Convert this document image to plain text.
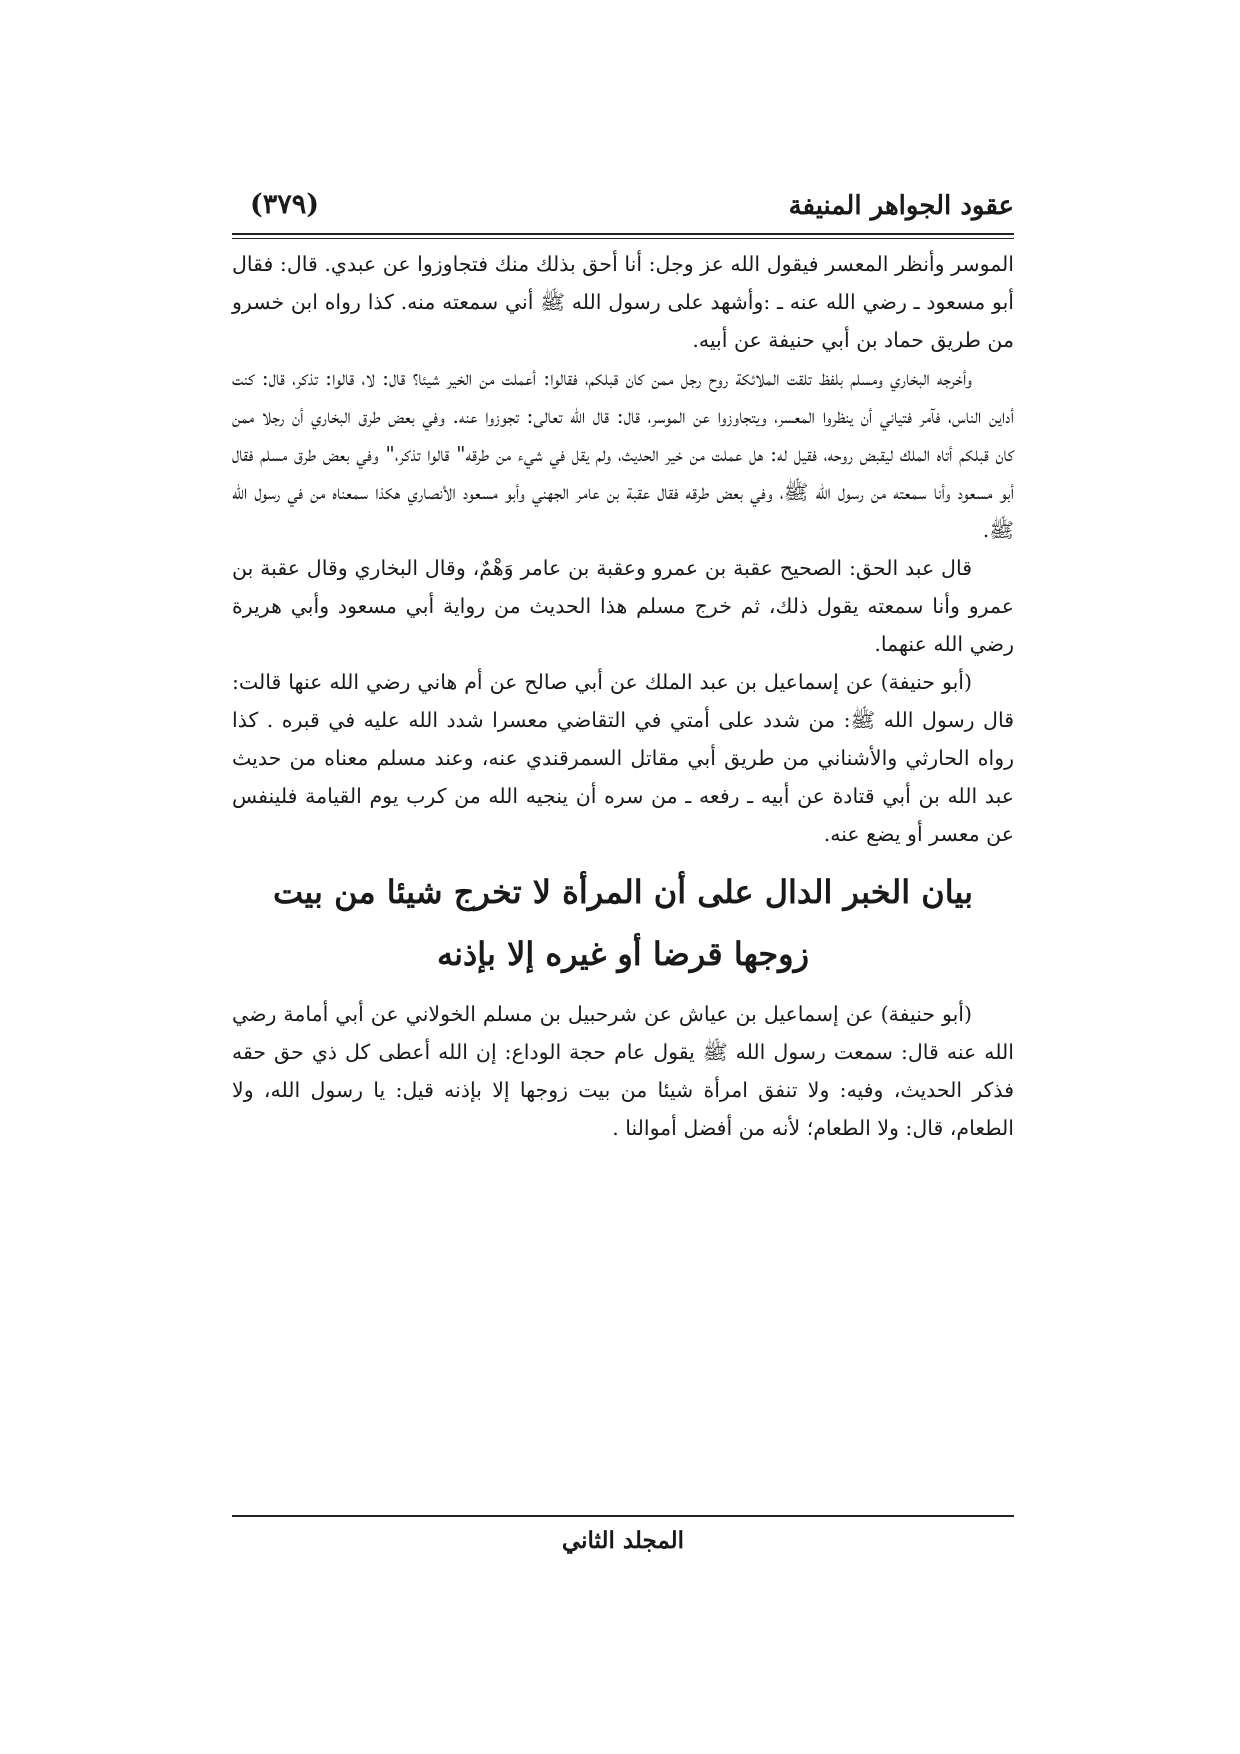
عقود الجواهر المنيفة
(٣٧٩)

الموسر وأنظر المعسر فيقول الله عز وجل: أنا أحق بذلك منك فتجاوزوا عن عبدي. قال: فقال أبو مسعود ـ رضي الله عنه ـ :وأشهد على رسول الله ﷺ أني سمعته منه. كذا رواه ابن خسرو من طريق حماد بن أبي حنيفة عن أبيه.

وأخرجه البخاري ومسلم بلفظ تلقت الملائكة روح رجل ممن كان قبلكم، فقالوا: أعملت من الخير شيئا؟ قال: لا، قالوا: تذكر، قال: كنت أداين الناس، فآمر فتياني أن ينظروا المعسر، ويتجاوزوا عن الموسر، قال: قال الله تعالى: تجوزوا عنه. وفي بعض طرق البخاري أن رجلا ممن كان قبلكم أتاه الملك ليقبض روحه، فقيل له: هل عملت من خير الحديث، ولم يقل في شيء من طرقه" قالوا تذكر،" وفي بعض طرق مسلم فقال أبو مسعود وأنا سمعته من رسول الله ﷺ، وفي بعض طرقه فقال عقبة بن عامر الجهني وأبو مسعود الأنصاري هكذا سمعناه من في رسول الله ﷺ.

قال عبد الحق: الصحيح عقبة بن عمرو وعقبة بن عامر وَهْمٌ، وقال البخاري وقال عقبة بن عمرو وأنا سمعته يقول ذلك، ثم خرج مسلم هذا الحديث من رواية أبي مسعود وأبي هريرة رضي الله عنهما.

(أبو حنيفة) عن إسماعيل بن عبد الملك عن أبي صالح عن أم هاني رضي الله عنها قالت: قال رسول الله ﷺ: من شدد على أمتي في التقاضي معسرا شدد الله عليه في قبره . كذا رواه الحارثي والأشناني من طريق أبي مقاتل السمرقندي عنه، وعند مسلم معناه من حديث عبد الله بن أبي قتادة عن أبيه ـ رفعه ـ من سره أن ينجيه الله من كرب يوم القيامة فلينفس عن معسر أو يضع عنه.

بيان الخبر الدال على أن المرأة لا تخرج شيئا من بيت زوجها قرضا أو غيره إلا بإذنه

(أبو حنيفة) عن إسماعيل بن عياش عن شرحبيل بن مسلم الخولاني عن أبي أمامة رضي الله عنه قال: سمعت رسول الله ﷺ يقول عام حجة الوداع: إن الله أعطى كل ذي حق حقه فذكر الحديث، وفيه: ولا تنفق امرأة شيئا من بيت زوجها إلا بإذنه قيل: يا رسول الله، ولا الطعام، قال: ولا الطعام؛ لأنه من أفضل أموالنا .

المجلد الثاني
